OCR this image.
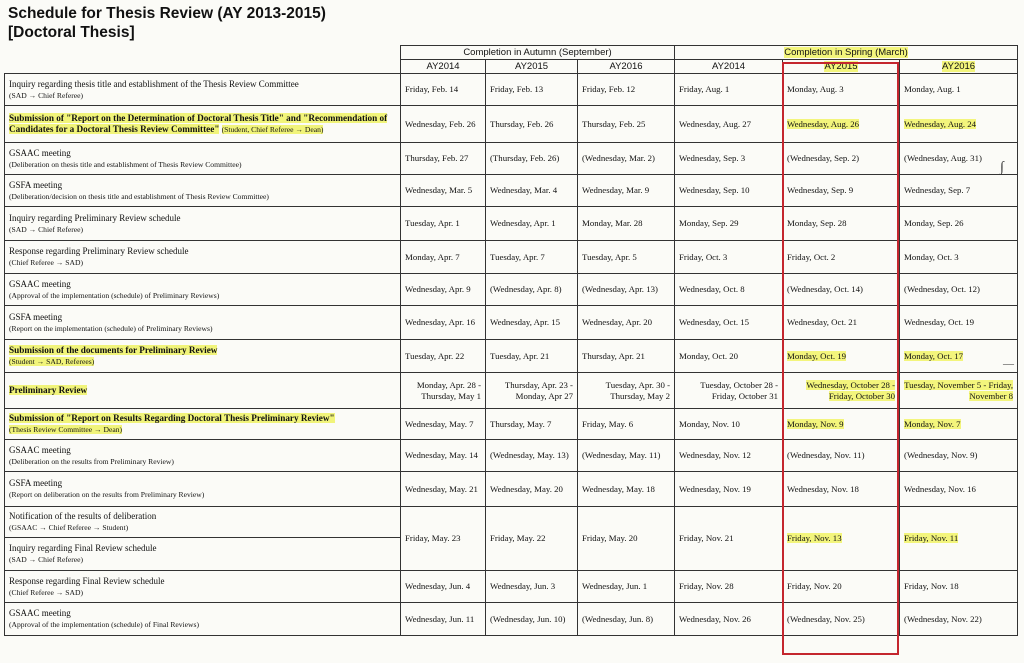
Schedule for Thesis Review (AY 2013-2015)
[Doctoral Thesis]
	Completion in Autumn (September)			Completion in Spring (March)		
	AY2014	AY2015	AY2016	AY2014	AY2015	AY2016
Inquiry regarding thesis title and establishment of the Thesis Review Committee
(SAD → Chief Referee)	Friday, Feb. 14	Friday, Feb. 13	Friday, Feb. 12	Friday, Aug. 1	Monday, Aug. 3	Monday, Aug. 1
Submission of "Report on the Determination of Doctoral Thesis Title" and "Recommendation of Candidates for a Doctoral Thesis Review Committee" (Student, Chief Referee → Dean)	Wednesday, Feb. 26	Thursday, Feb. 26	Thursday, Feb. 25	Wednesday, Aug. 27	Wednesday, Aug. 26	Wednesday, Aug. 24
GSAAC meeting
(Deliberation on thesis title and establishment of Thesis Review Committee)	Thursday, Feb. 27	(Thursday, Feb. 26)	(Wednesday, Mar. 2)	Wednesday, Sep. 3	(Wednesday, Sep. 2)	(Wednesday, Aug. 31)
GSFA meeting
(Deliberation/decision on thesis title and establishment of Thesis Review Committee)	Wednesday, Mar. 5	Wednesday, Mar. 4	Wednesday, Mar. 9	Wednesday, Sep. 10	Wednesday, Sep. 9	Wednesday, Sep. 7
Inquiry regarding Preliminary Review schedule
(SAD → Chief Referee)	Tuesday, Apr. 1	Wednesday, Apr. 1	Monday, Mar. 28	Monday, Sep. 29	Monday, Sep. 28	Monday, Sep. 26
Response regarding Preliminary Review schedule
(Chief Referee → SAD)	Monday, Apr. 7	Tuesday, Apr. 7	Tuesday, Apr. 5	Friday, Oct. 3	Friday, Oct. 2	Monday, Oct. 3
GSAAC meeting
(Approval of the implementation (schedule) of Preliminary Reviews)	Wednesday, Apr. 9	(Wednesday, Apr. 8)	(Wednesday, Apr. 13)	Wednesday, Oct. 8	(Wednesday, Oct. 14)	(Wednesday, Oct. 12)
GSFA meeting
(Report on the implementation (schedule) of Preliminary Reviews)	Wednesday, Apr. 16	Wednesday, Apr. 15	Wednesday, Apr. 20	Wednesday, Oct. 15	Wednesday, Oct. 21	Wednesday, Oct. 19
Submission of the documents for Preliminary Review
(Student → SAD, Referees)	Tuesday, Apr. 22	Tuesday, Apr. 21	Thursday, Apr. 21	Monday, Oct. 20	Monday, Oct. 19	Monday, Oct. 17
Preliminary Review	Monday, Apr. 28 - Thursday, May 1	Thursday, Apr. 23 - Monday, Apr 27	Tuesday, Apr. 30 - Thursday, May 2	Tuesday, October 28 - Friday, October 31	Wednesday, October 28 - Friday, October 30	Tuesday, November 5 - Friday, November 8
Submission of "Report on Results Regarding Doctoral Thesis Preliminary Review"
(Thesis Review Committee → Dean)	Wednesday, May. 7	Thursday, May. 7	Friday, May. 6	Monday, Nov. 10	Monday, Nov. 9	Monday, Nov. 7
GSAAC meeting
(Deliberation on the results from Preliminary Review)	Wednesday, May. 14	(Wednesday, May. 13)	(Wednesday, May. 11)	Wednesday, Nov. 12	(Wednesday, Nov. 11)	(Wednesday, Nov. 9)
GSFA meeting
(Report on deliberation on the results from Preliminary Review)	Wednesday, May. 21	Wednesday, May. 20	Wednesday, May. 18	Wednesday, Nov. 19	Wednesday, Nov. 18	Wednesday, Nov. 16
Notification of the results of deliberation
(GSAAC → Chief Referee → Student)	Friday, May. 23	Friday, May. 22	Friday, May. 20	Friday, Nov. 21	Friday, Nov. 13	Friday, Nov. 11
Inquiry regarding Final Review schedule
(SAD → Chief Referee)						
Response regarding Final Review schedule
(Chief Referee → SAD)	Wednesday, Jun. 4	Wednesday, Jun. 3	Wednesday, Jun. 1	Friday, Nov. 28	Friday, Nov. 20	Friday, Nov. 18
GSAAC meeting
(Approval of the implementation (schedule) of Final Reviews)	Wednesday, Jun. 11	(Wednesday, Jun. 10)	(Wednesday, Jun. 8)	Wednesday, Nov. 26	(Wednesday, Nov. 25)	(Wednesday, Nov. 22)
∫
—
